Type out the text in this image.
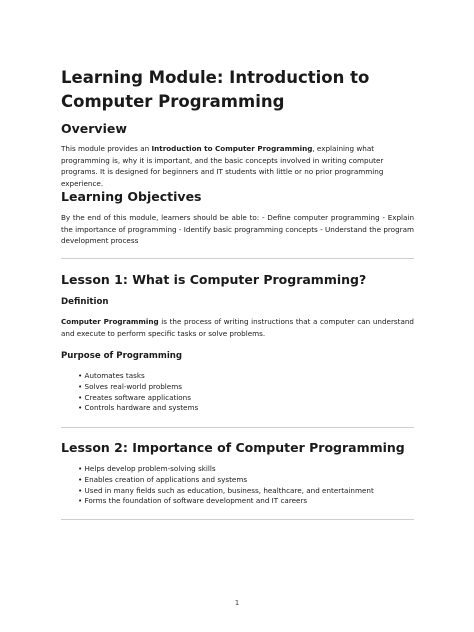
Learning Module: Introduction to Computer Programming
Overview

This module provides an Introduction to Computer Programming, explaining what programming is, why it is important, and the basic concepts involved in writing computer programs. It is designed for beginners and IT students with little or no prior programming experience.

Learning Objectives

By the end of this module, learners should be able to: - Define computer programming - Explain the importance of programming - Identify basic programming concepts - Understand the program development process

Lesson 1: What is Computer Programming?
Definition

Computer Programming is the process of writing instructions that a computer can understand and execute to perform specific tasks or solve problems.

Purpose of Programming
• Automates tasks
• Solves real-world problems
• Creates software applications
• Controls hardware and systems
Lesson 2: Importance of Computer Programming
• Helps develop problem-solving skills
• Enables creation of applications and systems
• Used in many fields such as education, business, healthcare, and entertainment
• Forms the foundation of software development and IT careers
1
